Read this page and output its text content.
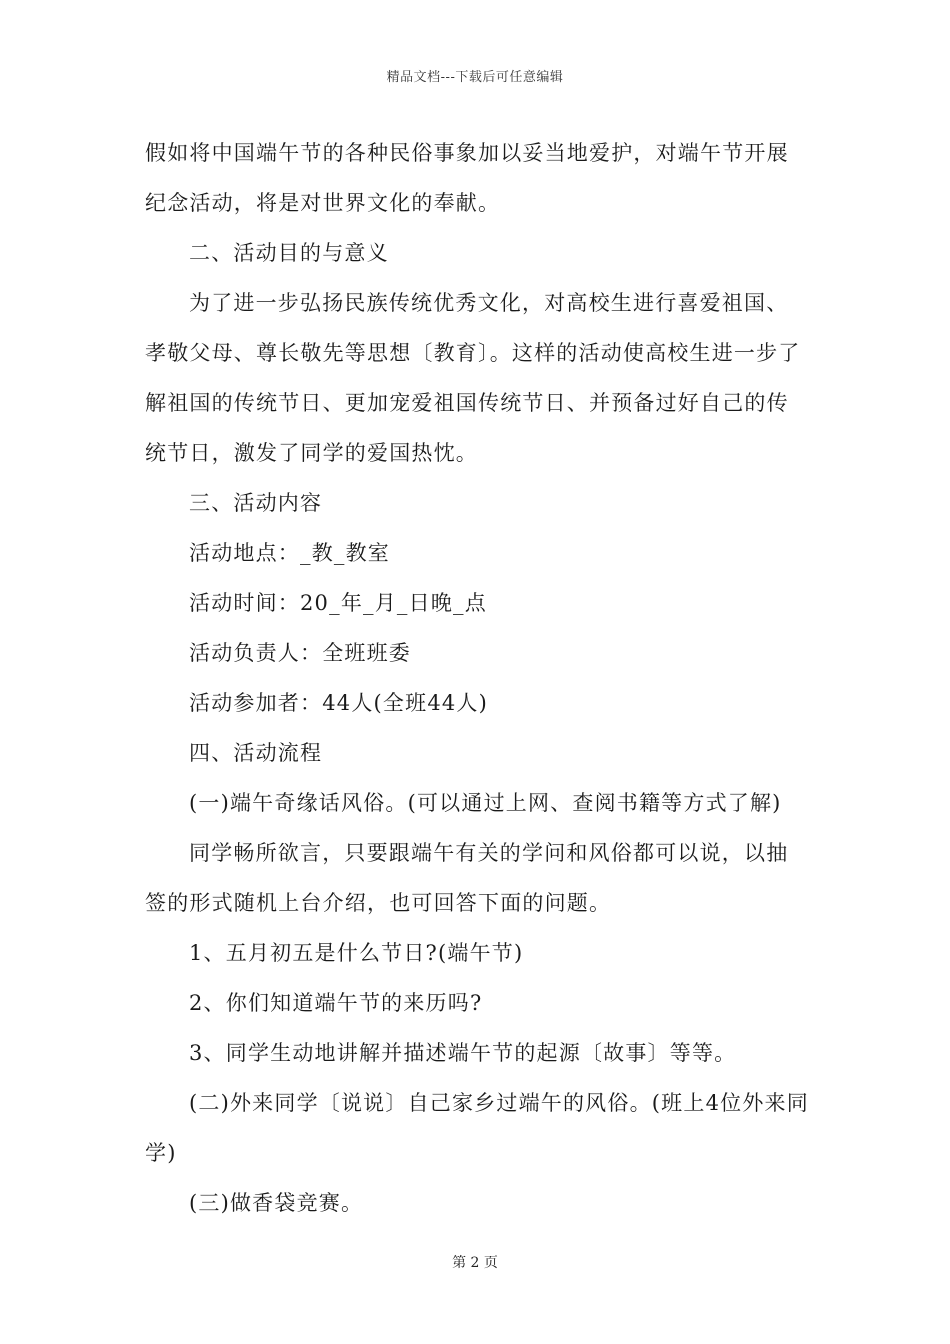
精品文档---下载后可任意编辑

假如将中国端午节的各种民俗事象加以妥当地爱护，对端午节开展纪念活动，将是对世界文化的奉献。

二、活动目的与意义

为了进一步弘扬民族传统优秀文化，对高校生进行喜爱祖国、孝敬父母、尊长敬先等思想〔教育〕。这样的活动使高校生进一步了解祖国的传统节日、更加宠爱祖国传统节日、并预备过好自己的传统节日，激发了同学的爱国热忱。

三、活动内容

活动地点：_教_教室

活动时间：20_年_月_日晚_点

活动负责人：全班班委

活动参加者：44人(全班44人)

四、活动流程

(一)端午奇缘话风俗。(可以通过上网、查阅书籍等方式了解)

同学畅所欲言，只要跟端午有关的学问和风俗都可以说，以抽签的形式随机上台介绍，也可回答下面的问题。

1、五月初五是什么节日?(端午节)

2、你们知道端午节的来历吗?

3、同学生动地讲解并描述端午节的起源〔故事〕等等。

(二)外来同学〔说说〕自己家乡过端午的风俗。(班上4位外来同学)

(三)做香袋竞赛。

第 2 页
